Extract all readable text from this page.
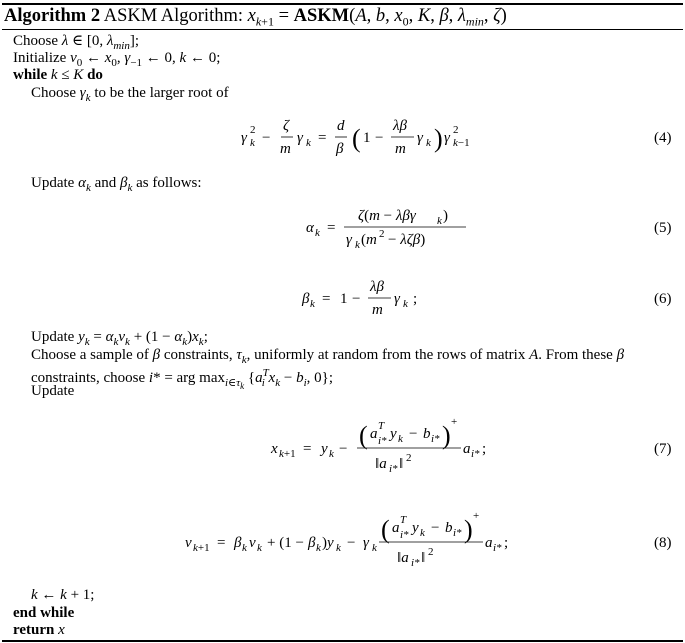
Algorithm 2 ASKM Algorithm: $x_{k+1}$ = ASKM(A, b, $x_0$, K, β, $\lambda_{min}$, ζ)
Choose λ ∈ [0, $\lambda_{min}$];
Initialize $v_0$ ← $x_0$, $\gamma_{-1}$ ← 0, k ← 0;
while k ≤ K do
Choose $\gamma_k$ to be the larger root of
Update $\alpha_k$ and $\beta_k$ as follows:
Update $y_k = \alpha_kv_k + (1 - \alpha_k)x_k$;
Choose a sample of β constraints, $\tau_k$, uniformly at random from the rows of matrix A. From these β
constraints, choose i* = arg $\max_{i\in\tau_k} \{a^T_i$ $x_k - b_i$, 0};
Update
k ← k + 1;
end while
return x
γ k
2 −
ζ
m
γ k =
d
β ( 1 −
λβ
m
γ k ) γ 2
k−1	(4)
α k =
ζ(m − λβγ k )
γ k (m 2 − λζβ)
(5)
β k = 1 −
λβ
m
γ k ;	(6)
x k+1 = y k − ( a T
i* y k − b i* ) +
‖a i* ‖ 2
a i* ;	(7)
v k+1 = β k v k + (1 − β k )y k − γ k
( a T
i* y k − b i* ) +
‖a i* ‖ 2
a i* ;	(8)
